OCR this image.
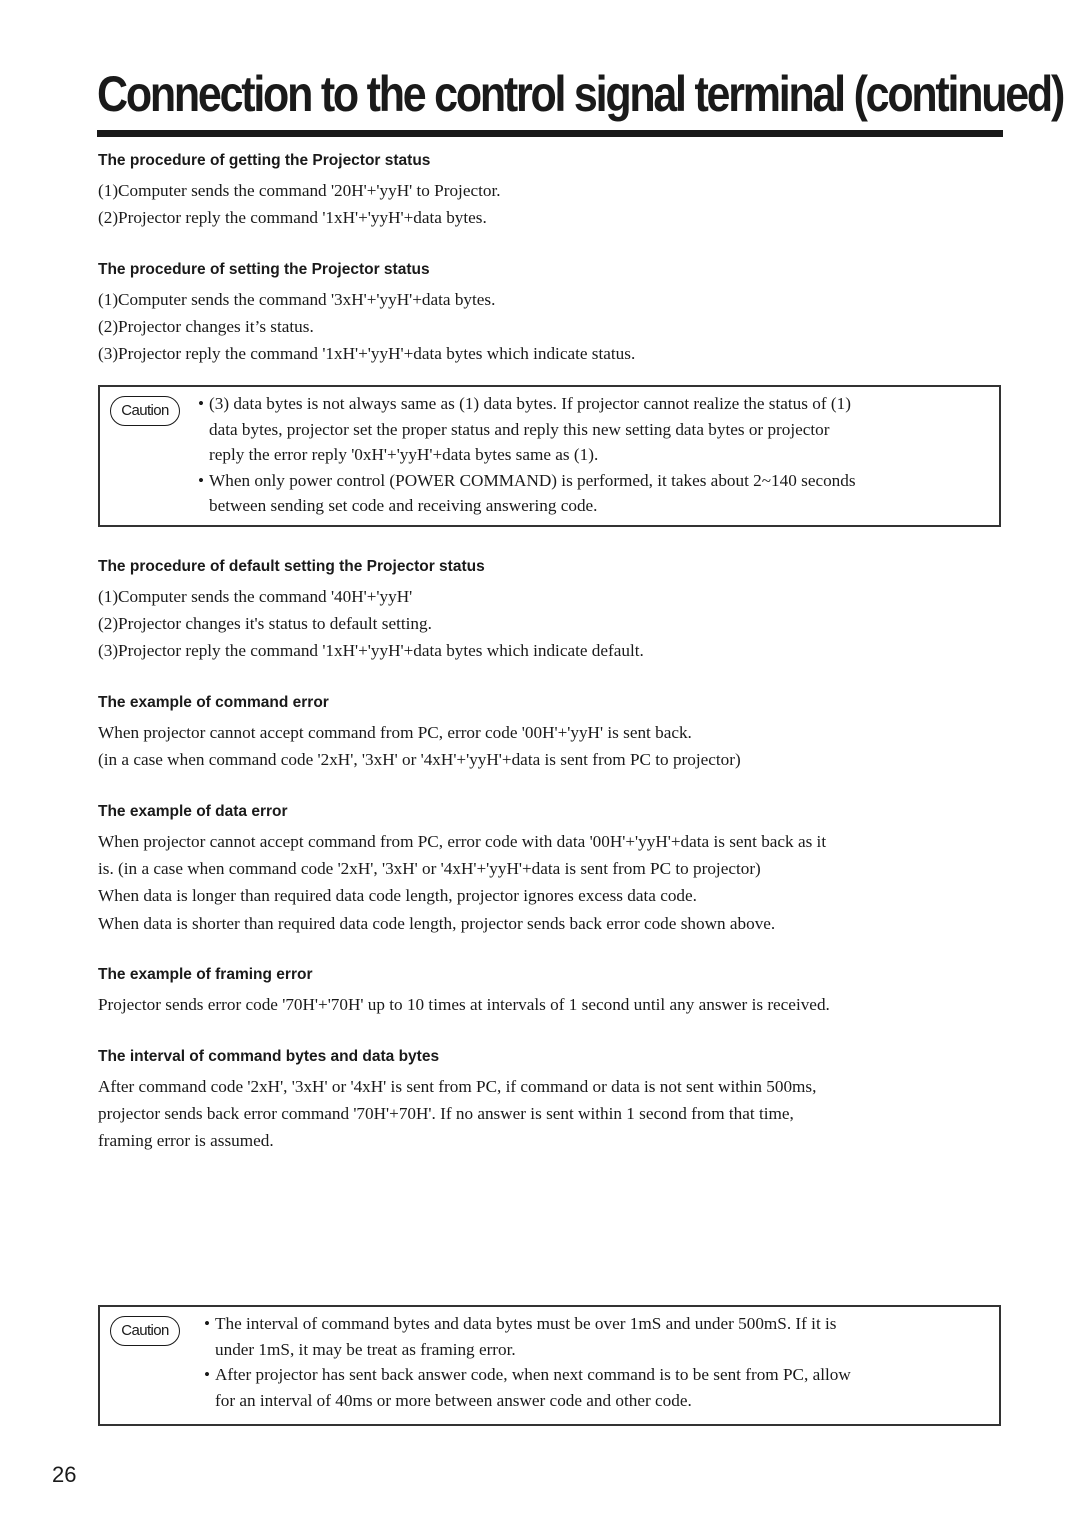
Connection to the control signal terminal (continued)
The procedure of getting the Projector status
(1)Computer sends the command '20H'+'yyH' to Projector.
(2)Projector reply the command '1xH'+'yyH'+data bytes.
The procedure of setting the Projector status
(1)Computer sends the command '3xH'+'yyH'+data bytes.
(2)Projector changes it’s status.
(3)Projector reply the command '1xH'+'yyH'+data bytes which indicate status.
Caution	• (3) data bytes is not always same as (1) data bytes. If projector cannot realize the status of (1)
data bytes, projector set the proper status and reply this new setting data bytes or projector
reply the error reply '0xH'+'yyH'+data bytes same as (1).
• When only power control (POWER COMMAND) is performed, it takes about 2~140 seconds
between sending set code and receiving answering code.
The procedure of default setting the Projector status
(1)Computer sends the command '40H'+'yyH'
(2)Projector changes it's status to default setting.
(3)Projector reply the command '1xH'+'yyH'+data bytes which indicate default.
The example of command error
When projector cannot accept command from PC, error code '00H'+'yyH' is sent back.
(in a case when command code '2xH', '3xH' or '4xH'+'yyH'+data is sent from PC to projector)
The example of data error
When projector cannot accept command from PC, error code with data '00H'+'yyH'+data is sent back as it
is. (in a case when command code '2xH', '3xH' or '4xH'+'yyH'+data is sent from PC to projector)
When data is longer than required data code length, projector ignores excess data code.
When data is shorter than required data code length, projector sends back error code shown above.
The example of framing error
Projector sends error code '70H'+'70H' up to 10 times at intervals of 1 second until any answer is received.
The interval of command bytes and data bytes
After command code '2xH', '3xH' or '4xH' is sent from PC, if command or data is not sent within 500ms,
projector sends back error command '70H'+70H'. If no answer is sent within 1 second from that time,
framing error is assumed.
Caution	• The interval of command bytes and data bytes must be over 1mS and under 500mS. If it is
under 1mS, it may be treat as framing error.
• After projector has sent back answer code, when next command is to be sent from PC, allow
for an interval of 40ms or more between answer code and other code.
26
